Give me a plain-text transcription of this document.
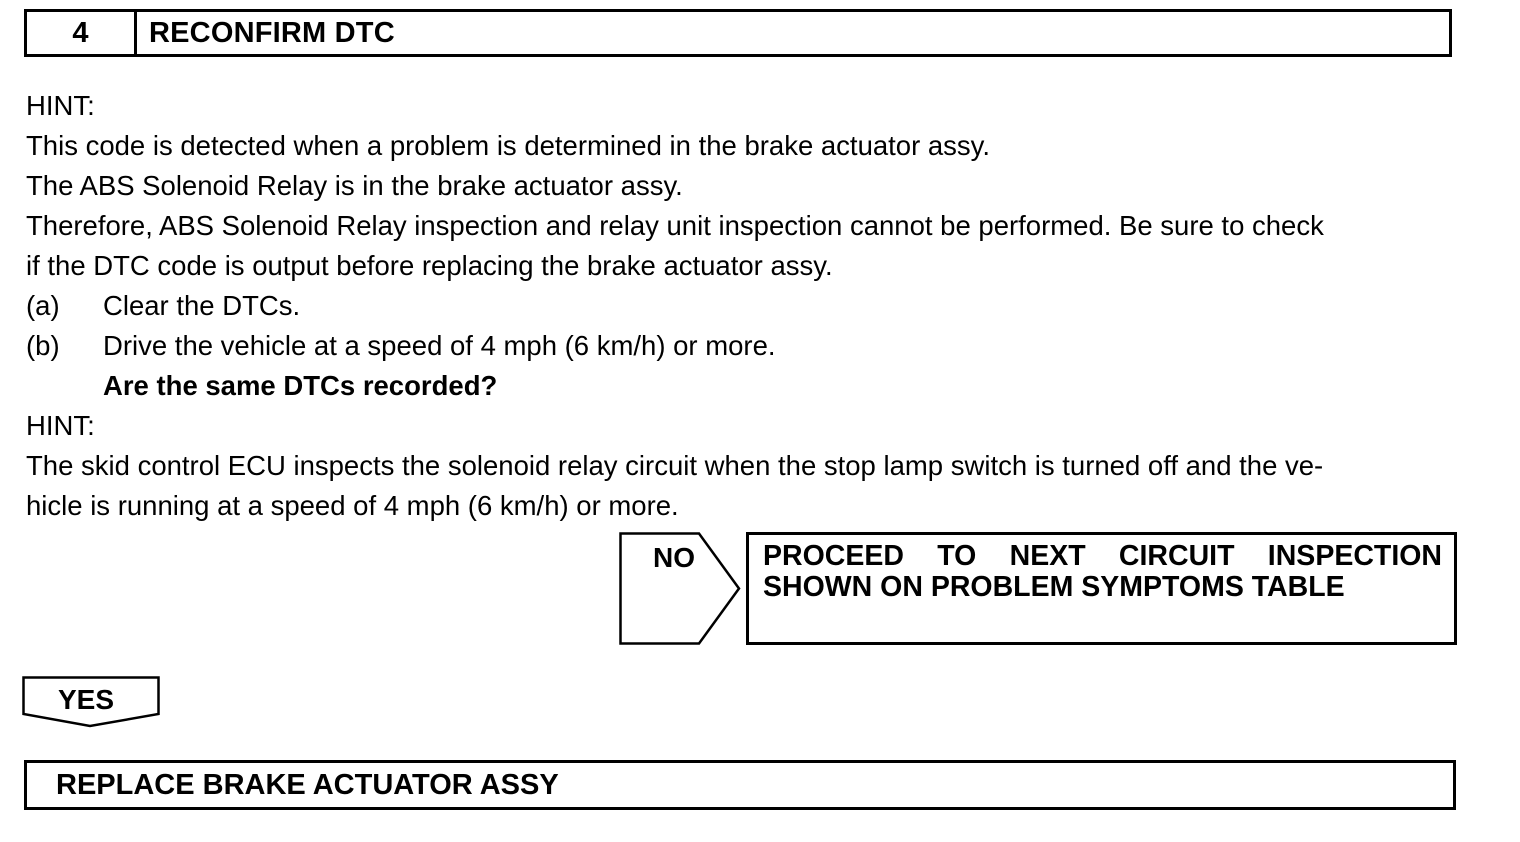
4	RECONFIRM DTC
HINT:
This code is detected when a problem is determined in the brake actuator assy.
The ABS Solenoid Relay is in the brake actuator assy.
Therefore, ABS Solenoid Relay inspection and relay unit inspection cannot be performed. Be sure to check
if the DTC code is output before replacing the brake actuator assy.
(a)	Clear the DTCs.
(b)	Drive the vehicle at a speed of 4 mph (6 km/h) or more.
Are the same DTCs recorded?
HINT:
The skid control ECU inspects the solenoid relay circuit when the stop lamp switch is turned off and the ve-
hicle is running at a speed of 4 mph (6 km/h) or more.
NO PROCEED TO NEXT CIRCUIT INSPECTION
SHOWN ON PROBLEM SYMPTOMS TABLE
YES
REPLACE BRAKE ACTUATOR ASSY
